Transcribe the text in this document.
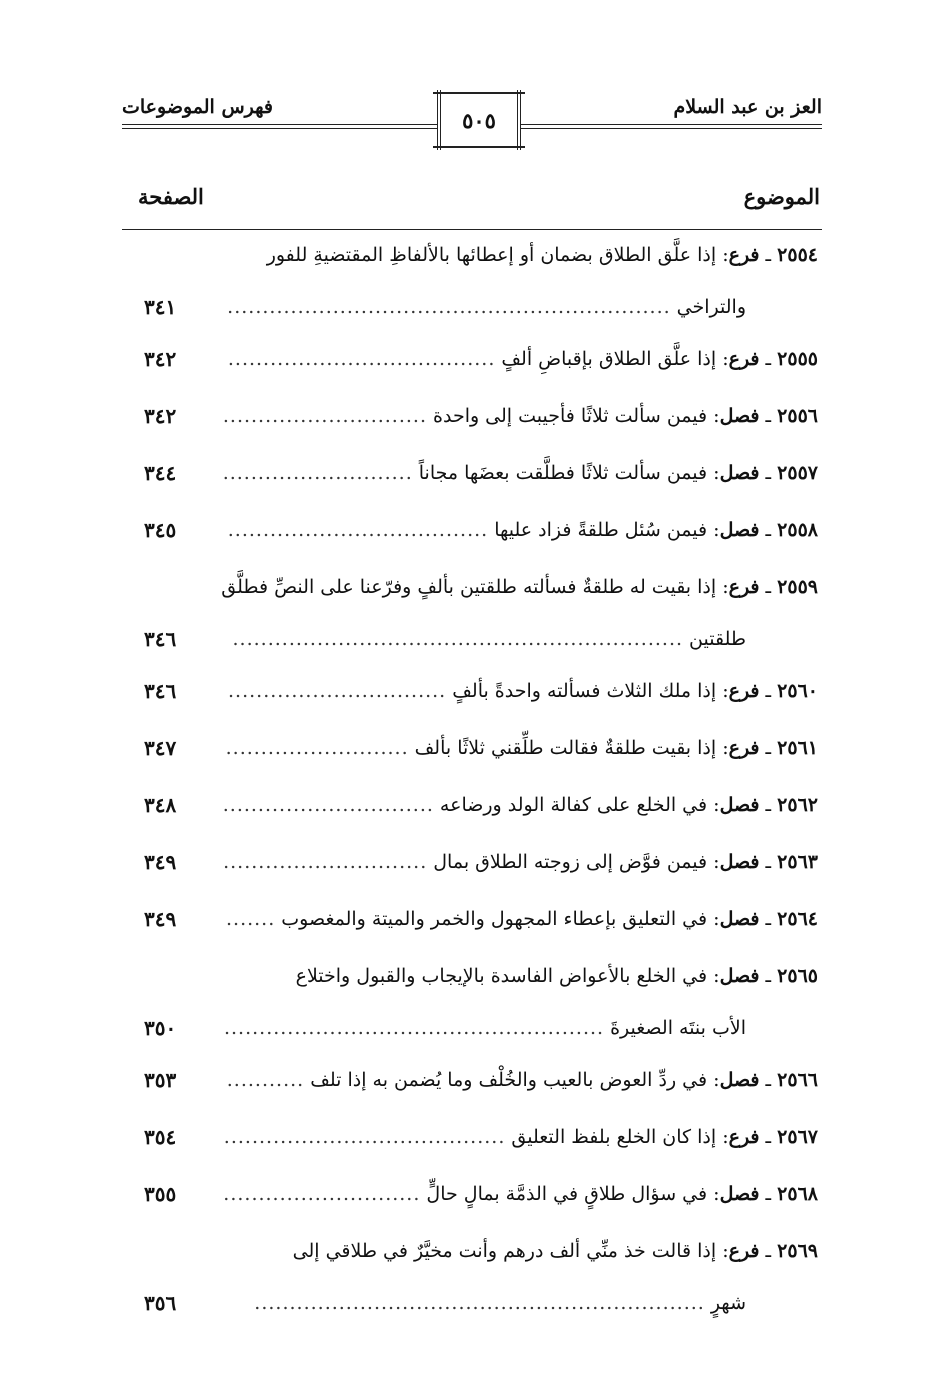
العز بن عبد السلام
فهرس الموضوعات
٥٠٥
الموضوع
الصفحة
٢٥٥٤ ـ فرع: إذا علَّق الطلاق بضمان أو إعطائها بالألفاظِ المقتضيةِ للفور
والتراخي...............................................................
٣٤١
٢٥٥٥ ـ فرع: إذا علَّق الطلاق بإقباضِ ألفٍ......................................
٣٤٢
٢٥٥٦ ـ فصل: فيمن سألت ثلاثًا فأجيبت إلى واحدة.............................
٣٤٢
٢٥٥٧ ـ فصل: فيمن سألت ثلاثًا فطلَّقت بعضَها مجاناً...........................
٣٤٤
٢٥٥٨ ـ فصل: فيمن سُئل طلقةً فزاد عليها.....................................
٣٤٥
٢٥٥٩ ـ فرع: إذا بقيت له طلقةٌ فسألته طلقتين بألفٍ وفرّعنا على النصِّ فطلَّق
طلقتين................................................................
٣٤٦
٢٥٦٠ ـ فرع: إذا ملك الثلاث فسألته واحدةً بألفٍ...............................
٣٤٦
٢٥٦١ ـ فرع: إذا بقيت طلقةٌ فقالت طلِّقني ثلاثًا بألف..........................
٣٤٧
٢٥٦٢ ـ فصل: في الخلع على كفالة الولد ورضاعه..............................
٣٤٨
٢٥٦٣ ـ فصل: فيمن فوَّض إلى زوجته الطلاق بمال.............................
٣٤٩
٢٥٦٤ ـ فصل: في التعليق بإعطاء المجهول والخمر والميتة والمغصوب.......
٣٤٩
٢٥٦٥ ـ فصل: في الخلع بالأعواض الفاسدة بالإيجاب والقبول واختلاع
الأب بنتَه الصغيرةَ......................................................
٣٥٠
٢٥٦٦ ـ فصل: في ردِّ العوض بالعيب والخُلْف وما يُضمن به إذا تلف...........
٣٥٣
٢٥٦٧ ـ فرع: إذا كان الخلع بلفظ التعليق........................................
٣٥٤
٢٥٦٨ ـ فصل: في سؤال طلاقٍ في الذمَّة بمالٍ حالٍّ............................
٣٥٥
٢٥٦٩ ـ فرع: إذا قالت خذ منِّي ألف درهم وأنت مخيَّرٌ في طلاقي إلى
شهرٍ................................................................
٣٥٦
